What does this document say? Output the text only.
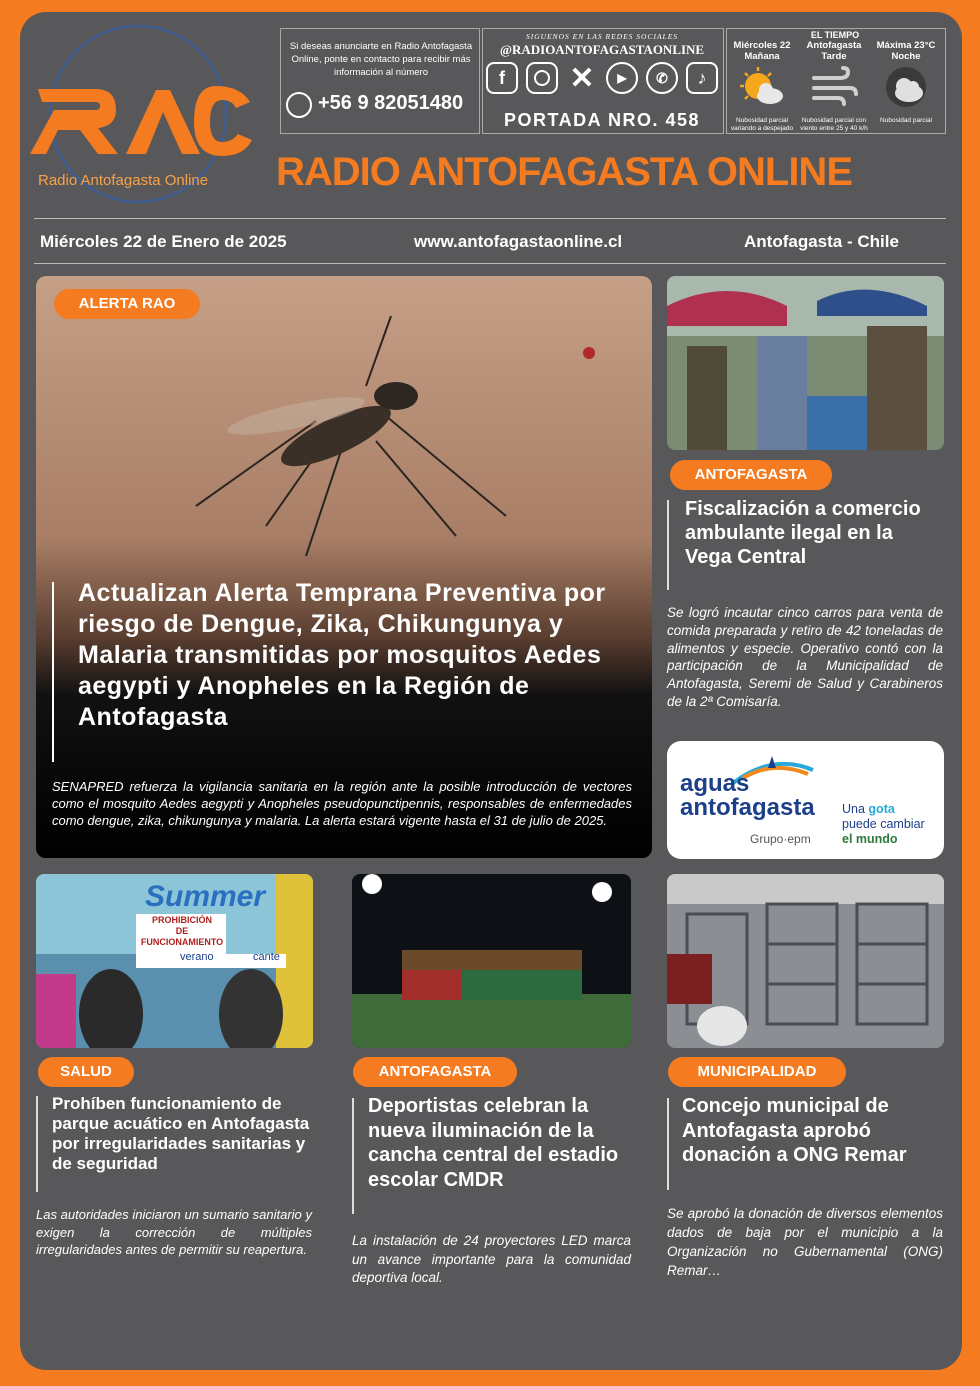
Radio Antofagasta Online
Si deseas anunciarte en Radio Antofagasta Online, ponte en contacto para recibir más información al número
+56 9 82051480
SIGUENOS EN LAS REDES SOCIALES
@RADIOANTOFAGASTAONLINE
f	✕	▶	✆	♪
PORTADA NRO. 458
EL TIEMPO
Miércoles 22
Mañana
Nubosidad parcial variando a despejado
Antofagasta
Tarde
Nubosidad parcial con viento entre 25 y 40 k/h
Máxima 23°C
Noche
Nubosidad parcial
RADIO ANTOFAGASTA ONLINE
Miércoles 22 de Enero de 2025	www.antofagastaonline.cl	Antofagasta - Chile
ALERTA RAO
Actualizan Alerta Temprana Preventiva por riesgo de Dengue, Zika, Chikungunya y Malaria transmitidas por mosquitos Aedes aegypti y Anopheles en la Región de Antofagasta
SENAPRED refuerza la vigilancia sanitaria en la región ante la posible introducción de vectores como el mosquito Aedes aegypti y Anopheles pseudopunctipennis, responsables de enfermedades como dengue, zika, chikungunya y malaria. La alerta estará vigente hasta el 31 de julio de 2025.
ANTOFAGASTA
Fiscalización a comercio ambulante ilegal en la Vega Central
Se logró incautar cinco carros para venta de comida preparada y retiro de 42 toneladas de alimentos y especie. Operativo contó con la participación de la Municipalidad de Antofagasta, Seremi de Salud y Carabineros de la 2ª Comisaría.
aguas
antofagasta
Grupo·epm
Una gota
puede cambiar
el mundo
Summer
PROHIBICIÓN
DE FUNCIONAMIENTO
verano	cante
SALUD
Prohíben funcionamiento de parque acuático en Antofagasta por irregularidades sanitarias y de seguridad
Las autoridades iniciaron un sumario sanitario y exigen la corrección de múltiples irregularidades antes de permitir su reapertura.
ANTOFAGASTA
Deportistas celebran la nueva iluminación de la cancha central del estadio escolar CMDR
La instalación de 24 proyectores LED marca un avance importante para la comunidad deportiva local.
MUNICIPALIDAD
Concejo municipal de Antofagasta aprobó donación a ONG Remar
Se aprobó la donación de diversos elementos dados de baja por el municipio a la Organización no Gubernamental (ONG) Remar…
